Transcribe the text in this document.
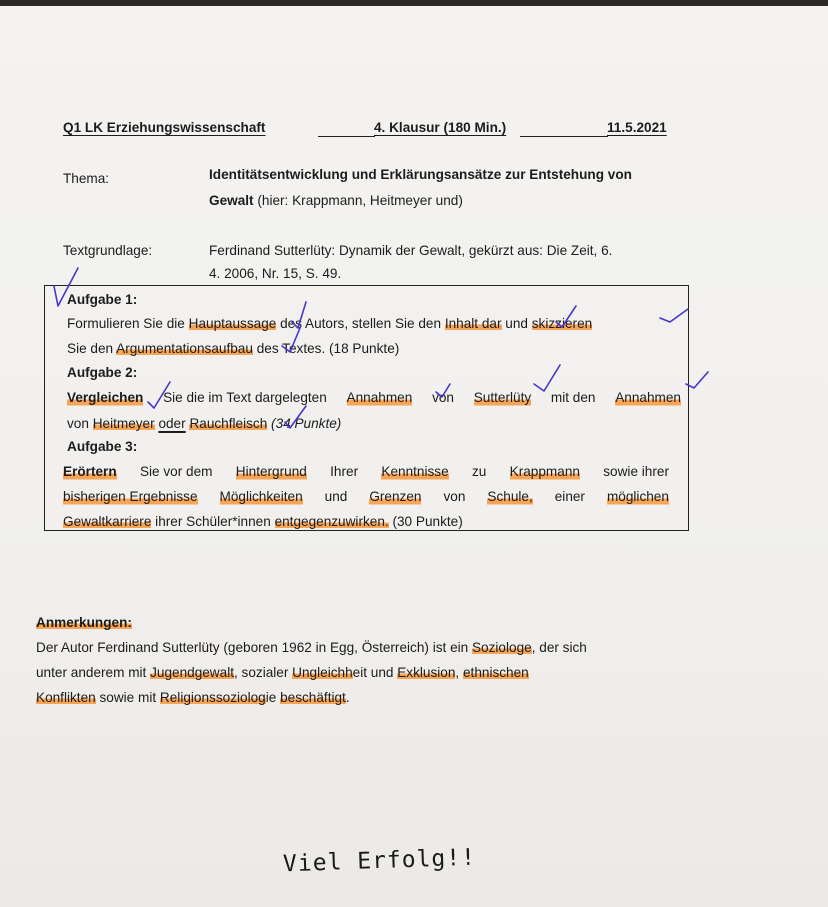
Q1 LK Erziehungswissenschaft	4. Klausur (180 Min.)	11.5.2021
Thema:	Identitätsentwicklung und Erklärungsansätze zur Entstehung von
Gewalt (hier: Krappmann, Heitmeyer und)
Textgrundlage:	Ferdinand Sutterlüty: Dynamik der Gewalt, gekürzt aus: Die Zeit, 6.
4. 2006, Nr. 15, S. 49.
Aufgabe 1:
Formulieren Sie die Hauptaussage des Autors, stellen Sie den Inhalt dar und skizzieren
Sie den Argumentationsaufbau des Textes. (18 Punkte)
Aufgabe 2:
Vergleichen Sie die im Text dargelegten Annahmen von Sutterlüty mit den Annahmen
von Heitmeyer oder Rauchfleisch (34 Punkte)
Aufgabe 3:
Erörtern Sie vor dem Hintergrund Ihrer Kenntnisse zu Krappmann sowie ihrer
bisherigen Ergebnisse Möglichkeiten und Grenzen von Schule, einer möglichen
Gewaltkarriere ihrer Schüler*innen entgegenzuwirken. (30 Punkte)
Anmerkungen:
Der Autor Ferdinand Sutterlüty (geboren 1962 in Egg, Österreich) ist ein Soziologe, der sich
unter anderem mit Jugendgewalt, sozialer Ungleichheit und Exklusion, ethnischen
Konflikten sowie mit Religionssoziologie beschäftigt.
Viel Erfolg!!
